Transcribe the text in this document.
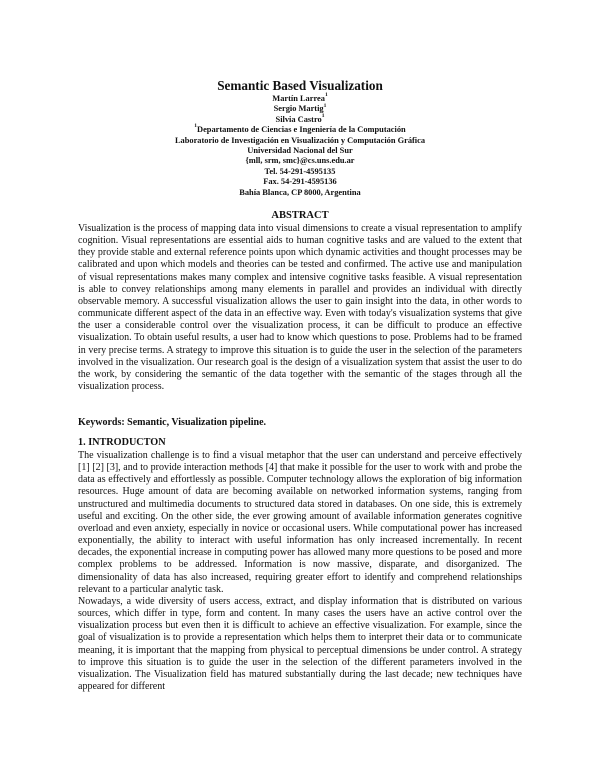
Semantic Based Visualization
Martín Larrea$^1$
Sergio Martig$^1$
Silvia Castro$^1$
$^1$Departamento de Ciencias e Ingeniería de la Computación
Laboratorio de Investigación en Visualización y Computación Gráfica
Universidad Nacional del Sur
{mll, srm, smc}@cs.uns.edu.ar
Tel. 54-291-4595135
Fax. 54-291-4595136
Bahía Blanca, CP 8000, Argentina
ABSTRACT
Visualization is the process of mapping data into visual dimensions to create a visual representation to amplify cognition. Visual representations are essential aids to human cognitive tasks and are valued to the extent that they provide stable and external reference points upon which dynamic activities and thought processes may be calibrated and upon which models and theories can be tested and confirmed. The active use and manipulation of visual representations makes many complex and intensive cognitive tasks feasible. A visual representation is able to convey relationships among many elements in parallel and provides an individual with directly observable memory. A successful visualization allows the user to gain insight into the data, in other words to communicate different aspect of the data in an effective way. Even with today's visualization systems that give the user a considerable control over the visualization process, it can be difficult to produce an effective visualization. To obtain useful results, a user had to know which questions to pose. Problems had to be framed in very precise terms. A strategy to improve this situation is to guide the user in the selection of the parameters involved in the visualization. Our research goal is the design of a visualization system that assist the user to do the work, by considering the semantic of the data together with the semantic of the stages through all the visualization process.
Keywords: Semantic, Visualization pipeline.
1. INTRODUCTON

The visualization challenge is to find a visual metaphor that the user can understand and perceive effectively [1] [2] [3], and to provide interaction methods [4] that make it possible for the user to work with and probe the data as effectively and effortlessly as possible. Computer technology allows the exploration of big information resources. Huge amount of data are becoming available on networked information systems, ranging from unstructured and multimedia documents to structured data stored in databases. On one side, this is extremely useful and exciting. On the other side, the ever growing amount of available information generates cognitive overload and even anxiety, especially in novice or occasional users. While computational power has increased exponentially, the ability to interact with useful information has only increased incrementally. In recent decades, the exponential increase in computing power has allowed many more questions to be posed and more complex problems to be addressed. Information is now massive, disparate, and disorganized. The dimensionality of data has also increased, requiring greater effort to identify and comprehend relationships relevant to a particular analytic task.

Nowadays, a wide diversity of users access, extract, and display information that is distributed on various sources, which differ in type, form and content. In many cases the users have an active control over the visualization process but even then it is difficult to achieve an effective visualization. For example, since the goal of visualization is to provide a representation which helps them to interpret their data or to communicate meaning, it is important that the mapping from physical to perceptual dimensions be under control. A strategy to improve this situation is to guide the user in the selection of the different parameters involved in the visualization. The Visualization field has matured substantially during the last decade; new techniques have appeared for different
